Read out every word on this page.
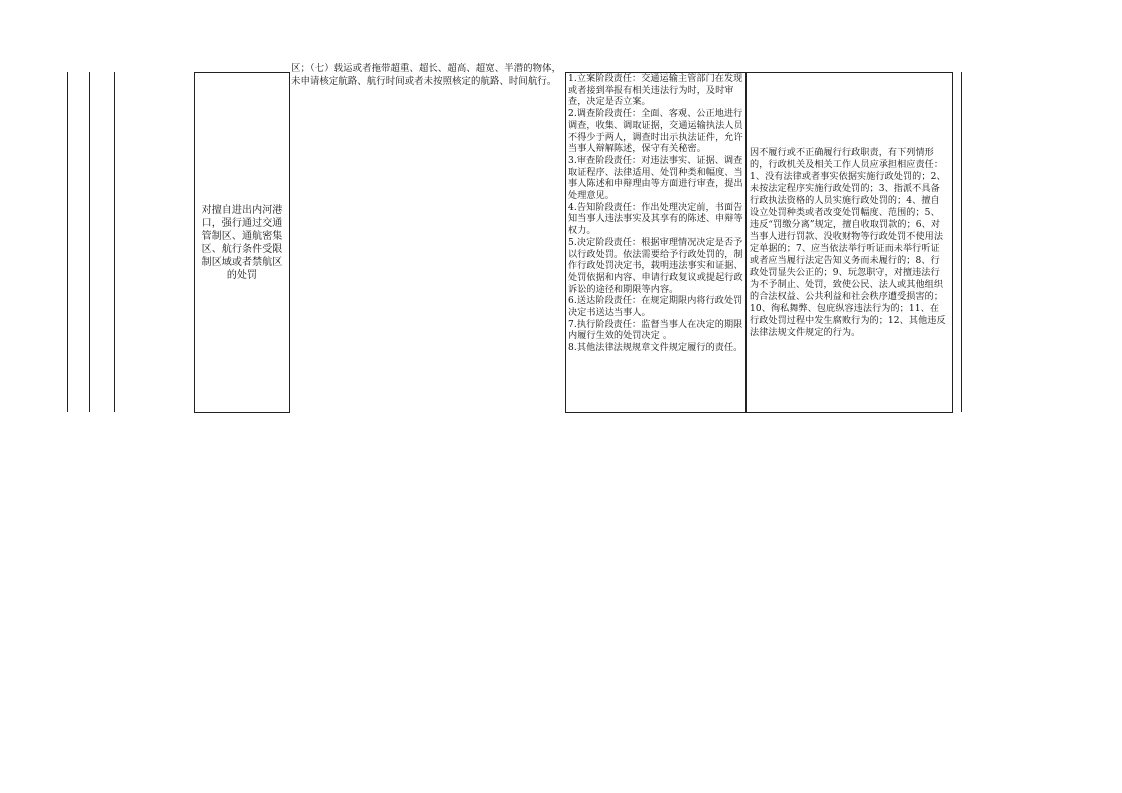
对擅自进出内河港口，强行通过交通管制区、通航密集区、航行条件受限制区域或者禁航区的处罚
区；（七）载运或者拖带超重、超长、超高、超宽、半潜的物体，未申请核定航路、航行时间或者未按照核定的航路、时间航行。	1.立案阶段责任：交通运输主管部门在发现或者接到举报有相关违法行为时，及时审查，决定是否立案。
2.调查阶段责任：全面、客观、公正地进行调查，收集、调取证据，交通运输执法人员不得少于两人，调查时出示执法证件，允许当事人辩解陈述，保守有关秘密。
3.审查阶段责任：对违法事实、证据、调查取证程序、法律适用、处罚种类和幅度、当事人陈述和申辩理由等方面进行审查，提出处理意见。
4.告知阶段责任：作出处理决定前，书面告知当事人违法事实及其享有的陈述、申辩等权力。
5.决定阶段责任：根据审理情况决定是否予以行政处罚。依法需要给予行政处罚的，制作行政处罚决定书，载明违法事实和证据、处罚依据和内容、申请行政复议或提起行政诉讼的途径和期限等内容。
6.送达阶段责任：在规定期限内将行政处罚决定书送达当事人。
7.执行阶段责任：监督当事人在决定的期限内履行生效的处罚决定 。
8.其他法律法规规章文件规定履行的责任。
因不履行或不正确履行行政职责，有下列情形的，行政机关及相关工作人员应承担相应责任：1、没有法律或者事实依据实施行政处罚的；2、未按法定程序实施行政处罚的；3、指派不具备行政执法资格的人员实施行政处罚的；4、擅自设立处罚种类或者改变处罚幅度、范围的；5、违反“罚缴分离”规定，擅自收取罚款的；6、对当事人进行罚款、没收财物等行政处罚不使用法定单据的；7、应当依法举行听证而未举行听证或者应当履行法定告知义务而未履行的；8、行政处罚显失公正的；9、玩忽职守，对擅违法行为不予制止、处罚，致使公民、法人或其他组织的合法权益、公共利益和社会秩序遭受损害的；10、徇私舞弊、包庇纵容违法行为的；11、在行政处罚过程中发生腐败行为的；12、其他违反法律法规文件规定的行为。
